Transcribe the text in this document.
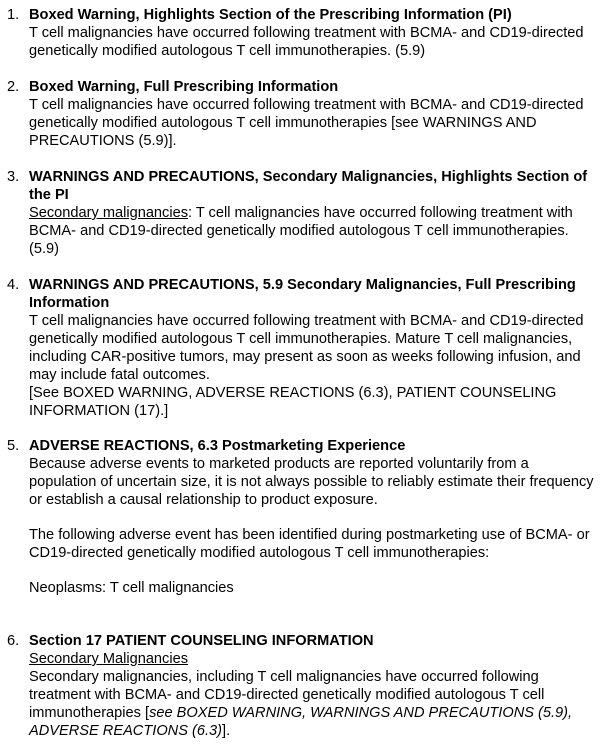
1. Boxed Warning, Highlights Section of the Prescribing Information (PI)
T cell malignancies have occurred following treatment with BCMA- and CD19-directed genetically modified autologous T cell immunotherapies. (5.9)
2. Boxed Warning, Full Prescribing Information
T cell malignancies have occurred following treatment with BCMA- and CD19-directed genetically modified autologous T cell immunotherapies [see WARNINGS AND PRECAUTIONS (5.9)].
3. WARNINGS AND PRECAUTIONS, Secondary Malignancies, Highlights Section of the PI
Secondary malignancies: T cell malignancies have occurred following treatment with BCMA- and CD19-directed genetically modified autologous T cell immunotherapies. (5.9)
4. WARNINGS AND PRECAUTIONS, 5.9 Secondary Malignancies, Full Prescribing Information
T cell malignancies have occurred following treatment with BCMA- and CD19-directed genetically modified autologous T cell immunotherapies. Mature T cell malignancies, including CAR-positive tumors, may present as soon as weeks following infusion, and may include fatal outcomes.
[See BOXED WARNING, ADVERSE REACTIONS (6.3), PATIENT COUNSELING INFORMATION (17).]
5. ADVERSE REACTIONS, 6.3 Postmarketing Experience
Because adverse events to marketed products are reported voluntarily from a population of uncertain size, it is not always possible to reliably estimate their frequency or establish a causal relationship to product exposure.
The following adverse event has been identified during postmarketing use of BCMA- or CD19-directed genetically modified autologous T cell immunotherapies:
Neoplasms: T cell malignancies
6. Section 17 PATIENT COUNSELING INFORMATION
Secondary Malignancies
Secondary malignancies, including T cell malignancies have occurred following treatment with BCMA- and CD19-directed genetically modified autologous T cell immunotherapies [see BOXED WARNING, WARNINGS AND PRECAUTIONS (5.9), ADVERSE REACTIONS (6.3)].
